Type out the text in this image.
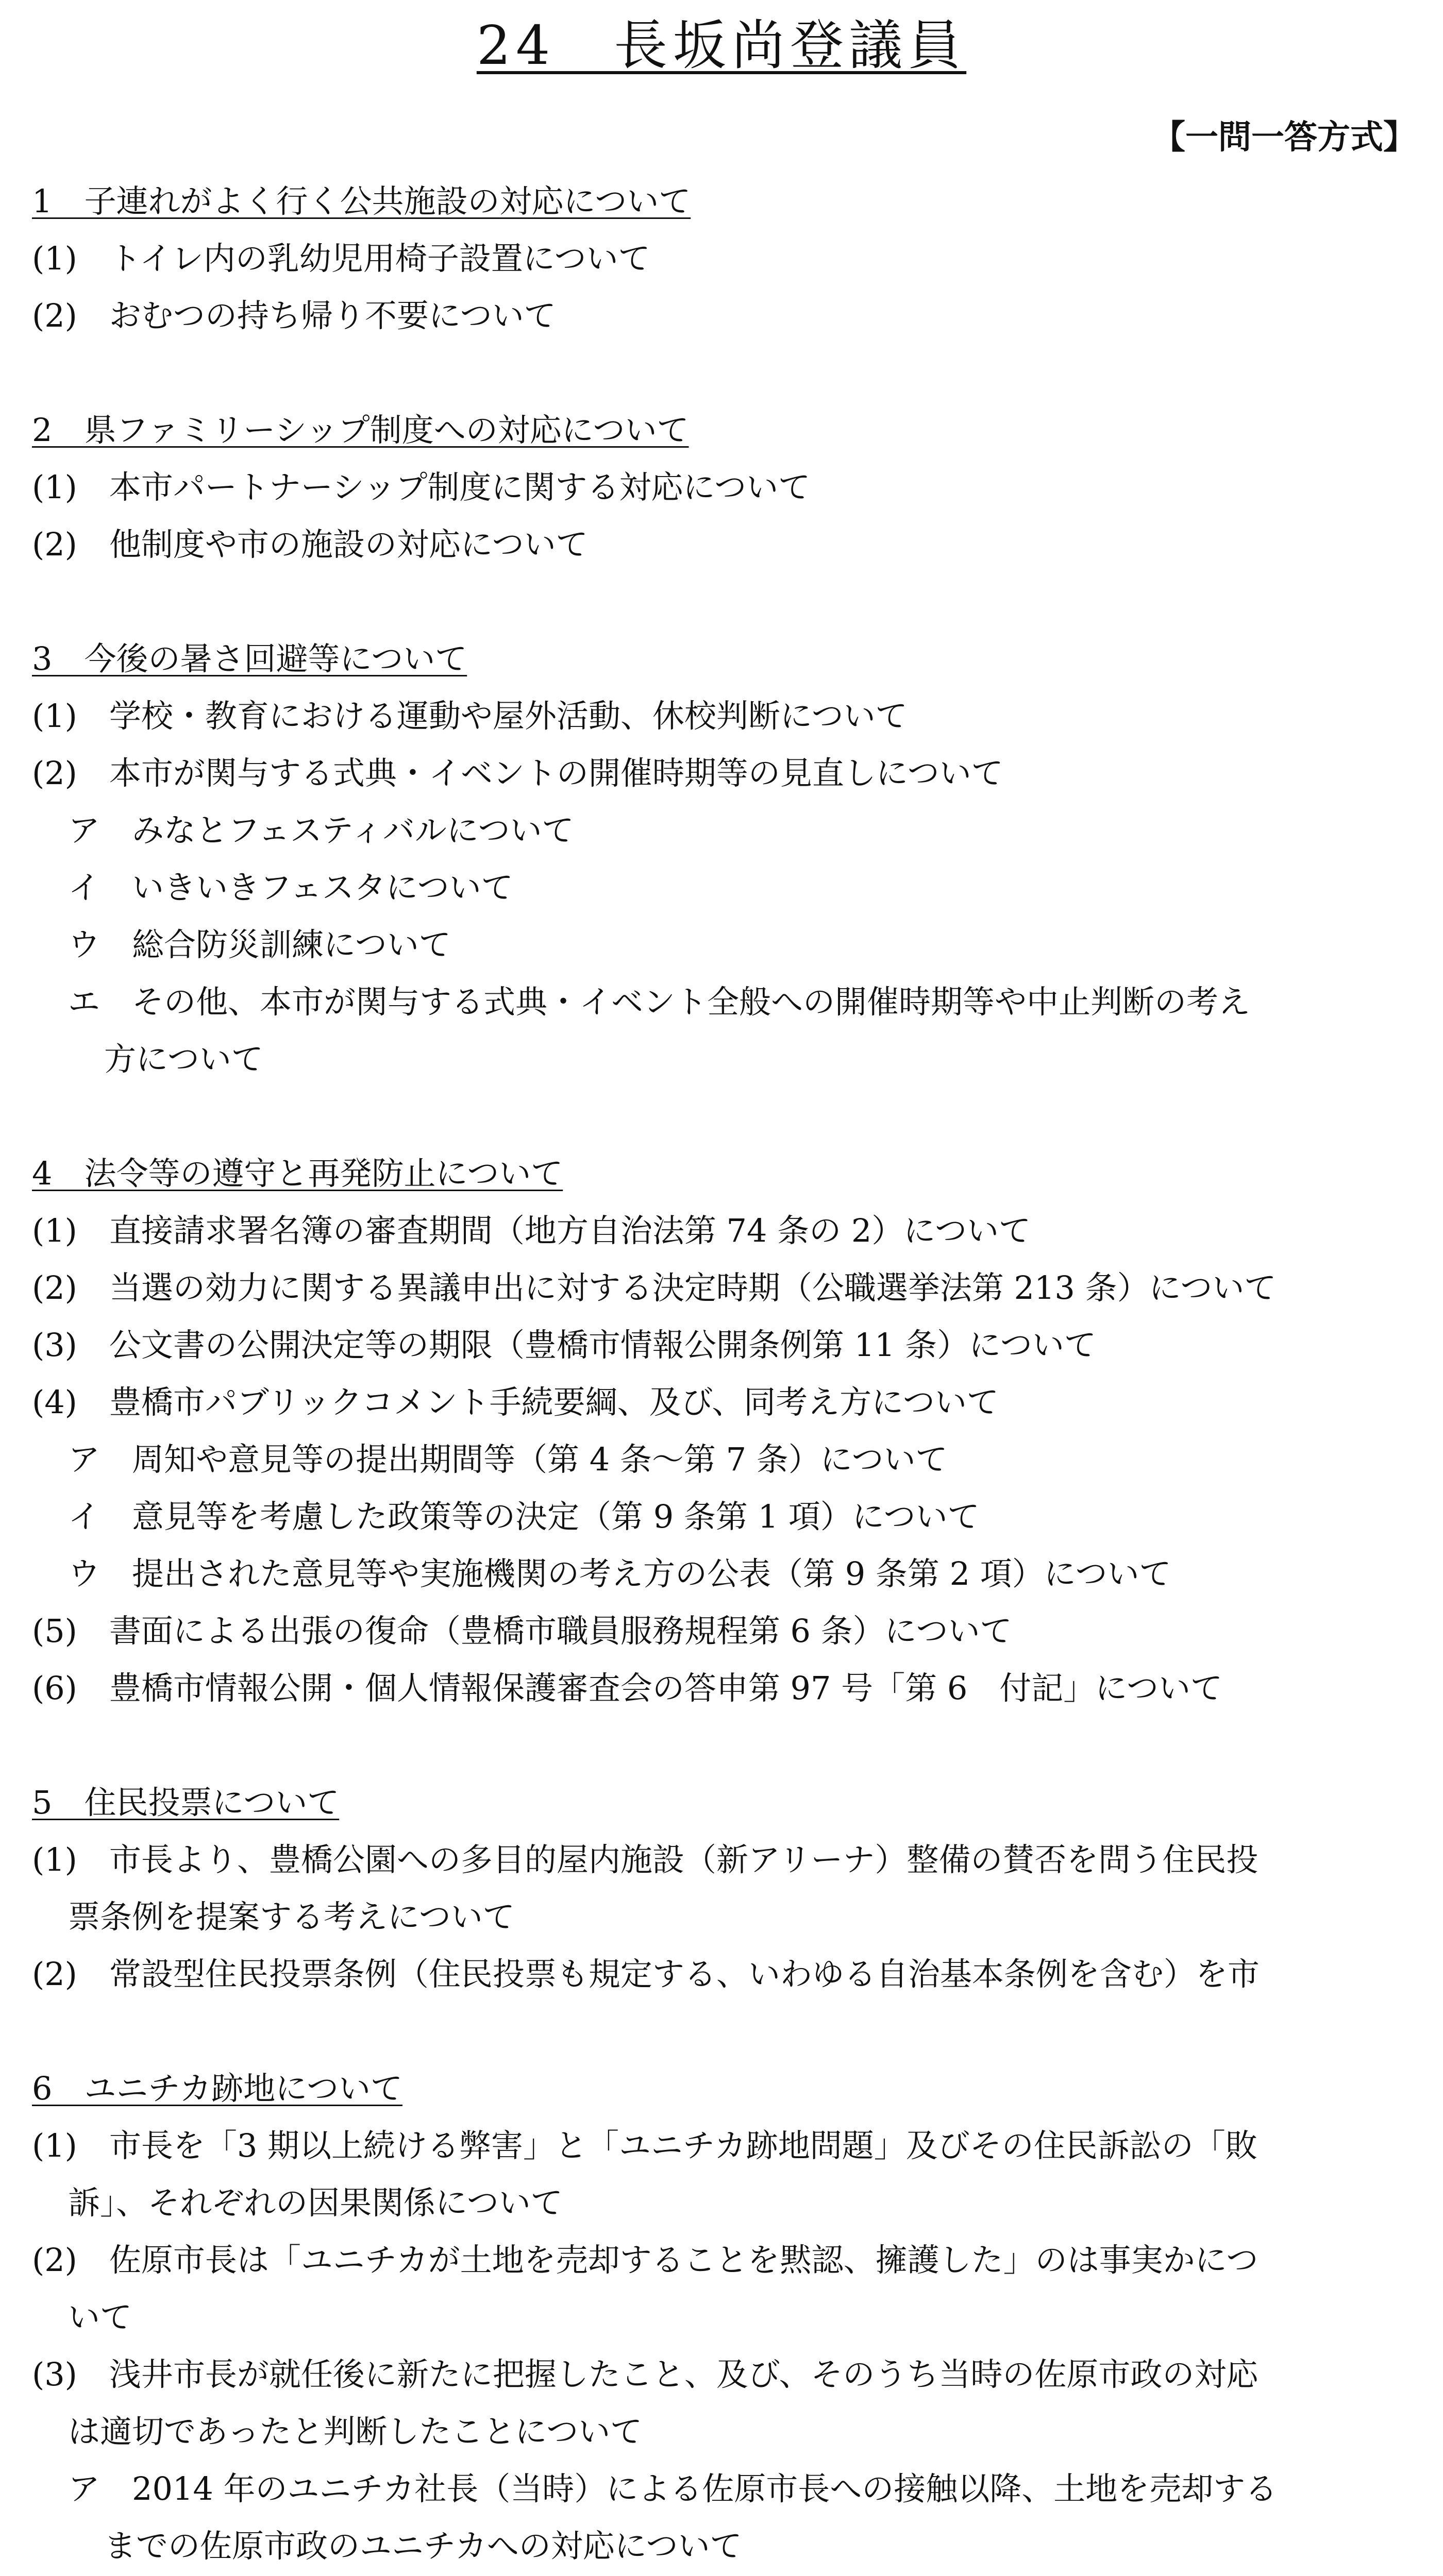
24　長坂尚登議員
【一問一答方式】
1　子連れがよく行く公共施設の対応について
(1)　トイレ内の乳幼児用椅子設置について
(2)　おむつの持ち帰り不要について
2　県ファミリーシップ制度への対応について
(1)　本市パートナーシップ制度に関する対応について
(2)　他制度や市の施設の対応について
3　今後の暑さ回避等について
(1)　学校・教育における運動や屋外活動、休校判断について
(2)　本市が関与する式典・イベントの開催時期等の見直しについて
ア　みなとフェスティバルについて
イ　いきいきフェスタについて
ウ　総合防災訓練について
エ　その他、本市が関与する式典・イベント全般への開催時期等や中止判断の考え
方について
4　法令等の遵守と再発防止について
(1)　直接請求署名簿の審査期間（地方自治法第 74 条の 2）について
(2)　当選の効力に関する異議申出に対する決定時期（公職選挙法第 213 条）について
(3)　公文書の公開決定等の期限（豊橋市情報公開条例第 11 条）について
(4)　豊橋市パブリックコメント手続要綱、及び、同考え方について
ア　周知や意見等の提出期間等（第 4 条～第 7 条）について
イ　意見等を考慮した政策等の決定（第 9 条第 1 項）について
ウ　提出された意見等や実施機関の考え方の公表（第 9 条第 2 項）について
(5)　書面による出張の復命（豊橋市職員服務規程第 6 条）について
(6)　豊橋市情報公開・個人情報保護審査会の答申第 97 号「第 6　付記」について
5　住民投票について
(1)　市長より、豊橋公園への多目的屋内施設（新アリーナ）整備の賛否を問う住民投
票条例を提案する考えについて
(2)　常設型住民投票条例（住民投票も規定する、いわゆる自治基本条例を含む）を市
6　ユニチカ跡地について
(1)　市長を「3 期以上続ける弊害」と「ユニチカ跡地問題」及びその住民訴訟の「敗
訴」、それぞれの因果関係について
(2)　佐原市長は「ユニチカが土地を売却することを黙認、擁護した」のは事実かにつ
いて
(3)　浅井市長が就任後に新たに把握したこと、及び、そのうち当時の佐原市政の対応
は適切であったと判断したことについて
ア　2014 年のユニチカ社長（当時）による佐原市長への接触以降、土地を売却する
までの佐原市政のユニチカへの対応について
